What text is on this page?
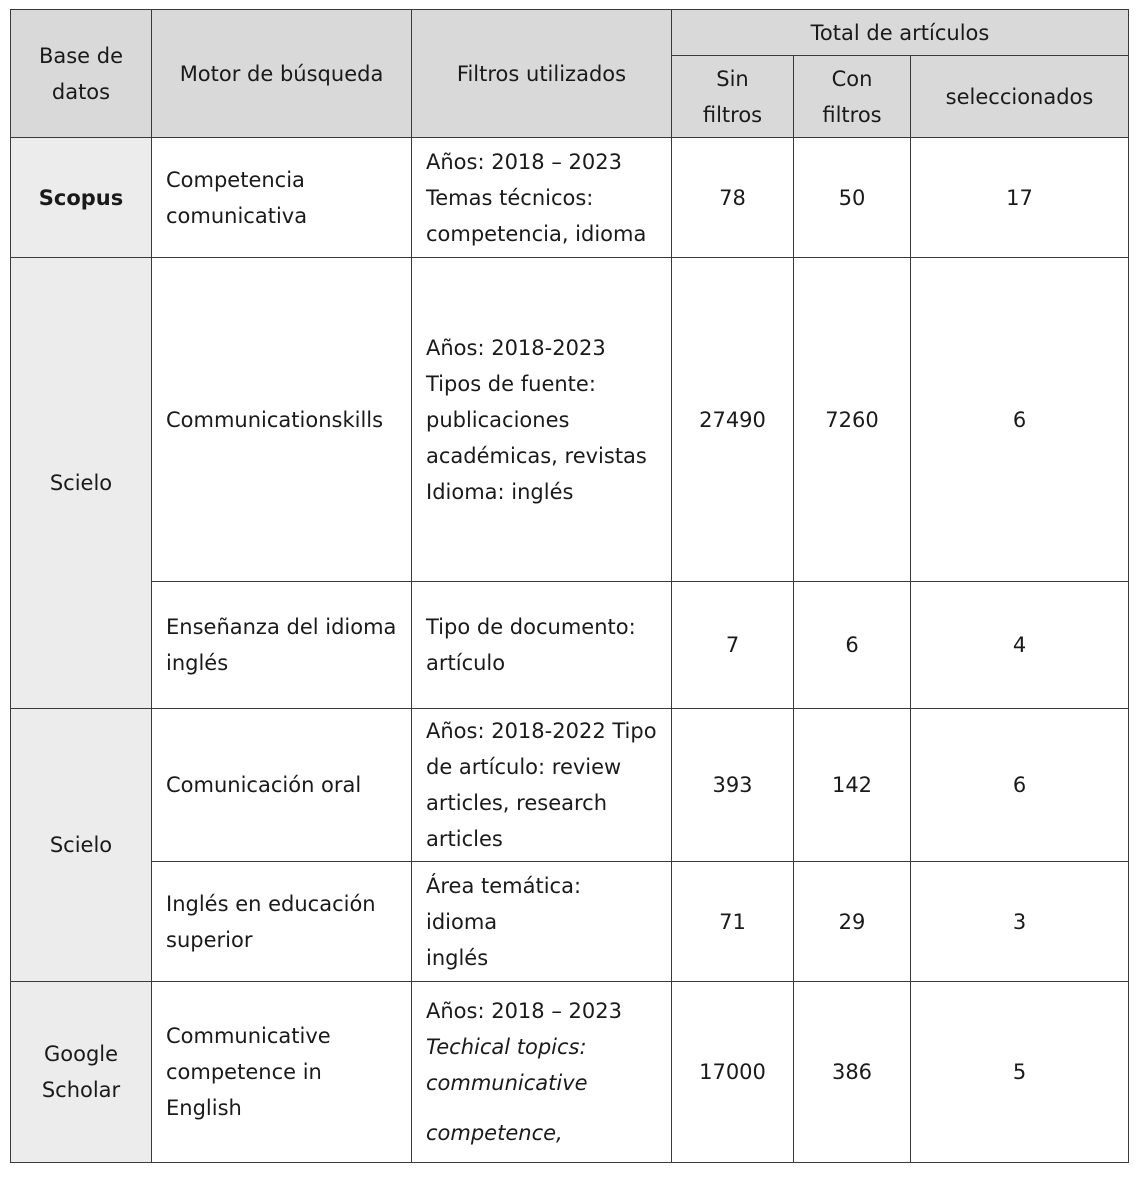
Base de datos	Motor de búsqueda	Filtros utilizados	Total de artículos		
			Sin filtros	Con filtros	seleccionados
Scopus	Competencia comunicativa	Años: 2018 – 2023
Temas técnicos:
competencia, idioma	78	50	17
Scielo	Communicationskills	Años: 2018-2023
Tipos de fuente:
publicaciones
académicas, revistas
Idioma: inglés	27490	7260	6
	Enseñanza del idioma inglés	Tipo de documento:
artículo	7	6	4
Scielo	Comunicación oral	Años: 2018-2022 Tipo
de artículo: review
articles, research
articles	393	142	6
	Inglés en educación superior	Área temática: idioma
inglés	71	29	3
Google Scholar	Communicative competence in English	Años: 2018 – 2023
Techical topics:
communicative
competence,	17000	386	5
